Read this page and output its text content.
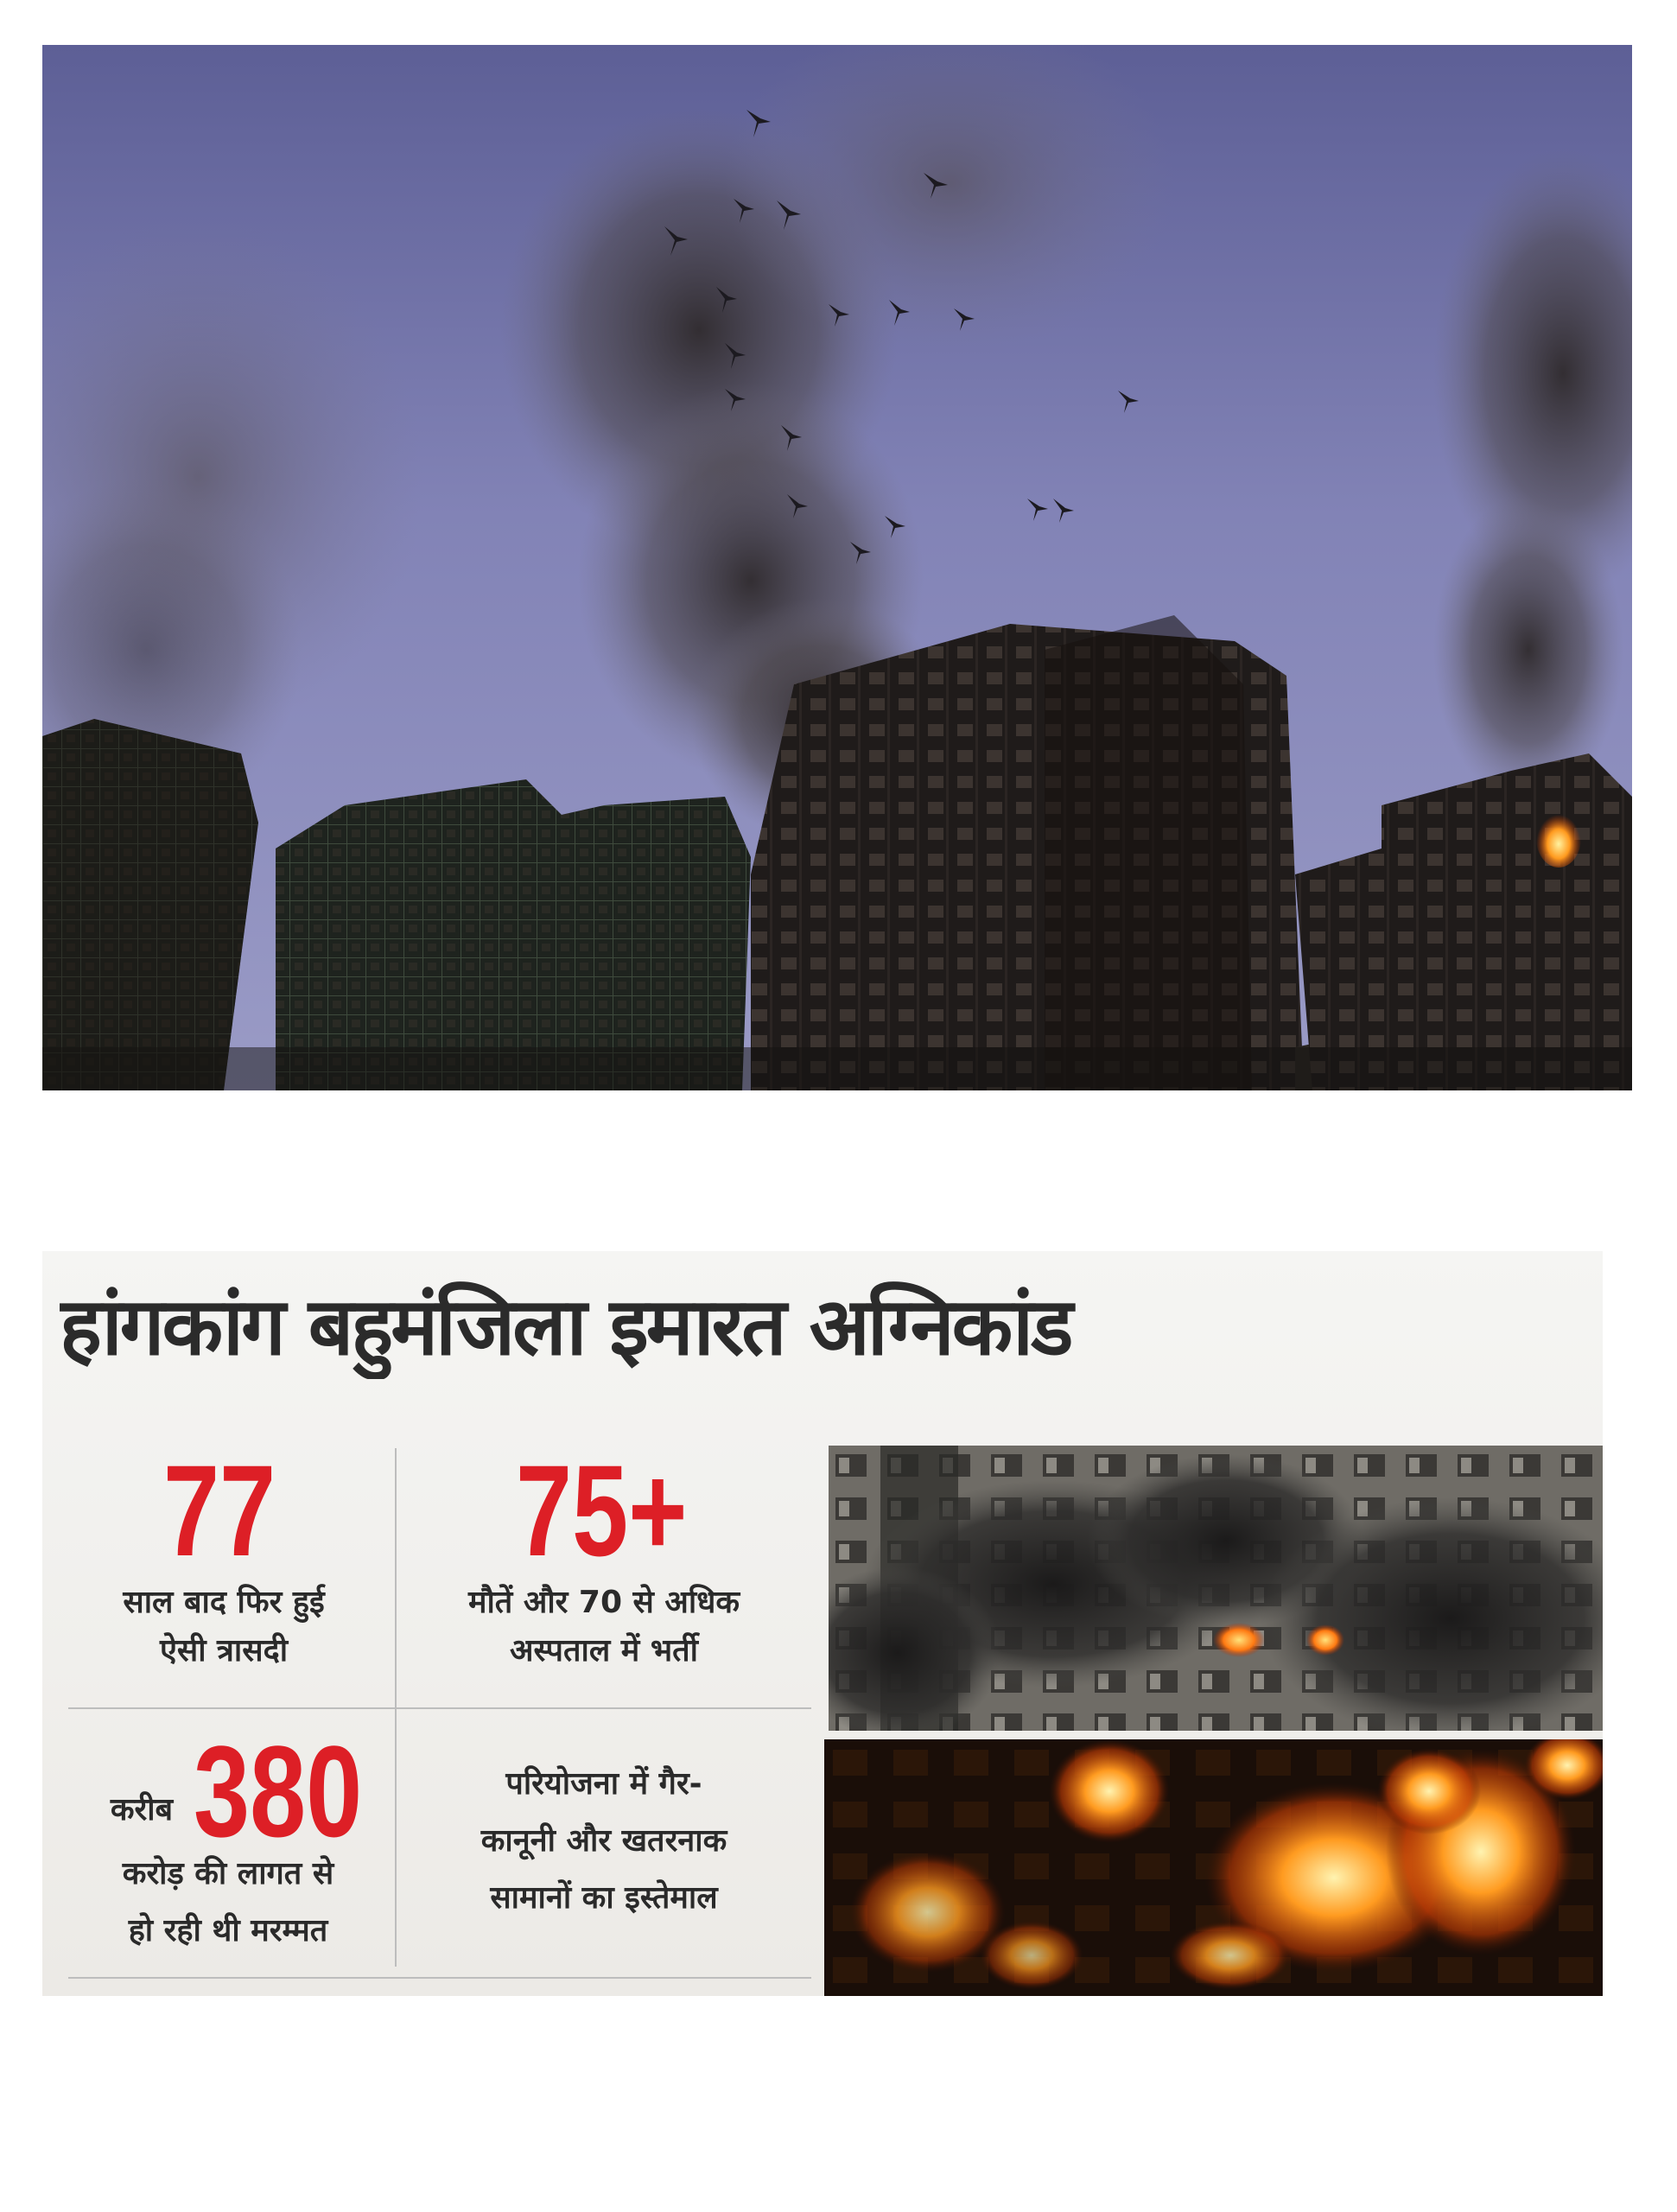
हांगकांग बहुमंजिला इमारत अग्निकांड
77
साल बाद फिर हुई
ऐसी त्रासदी
75+
मौतें और 70 से अधिक
अस्पताल में भर्ती
करीब 380
करोड़ की लागत से
हो रही थी मरम्मत
परियोजना में गैर-
कानूनी और खतरनाक
सामानों का इस्तेमाल
